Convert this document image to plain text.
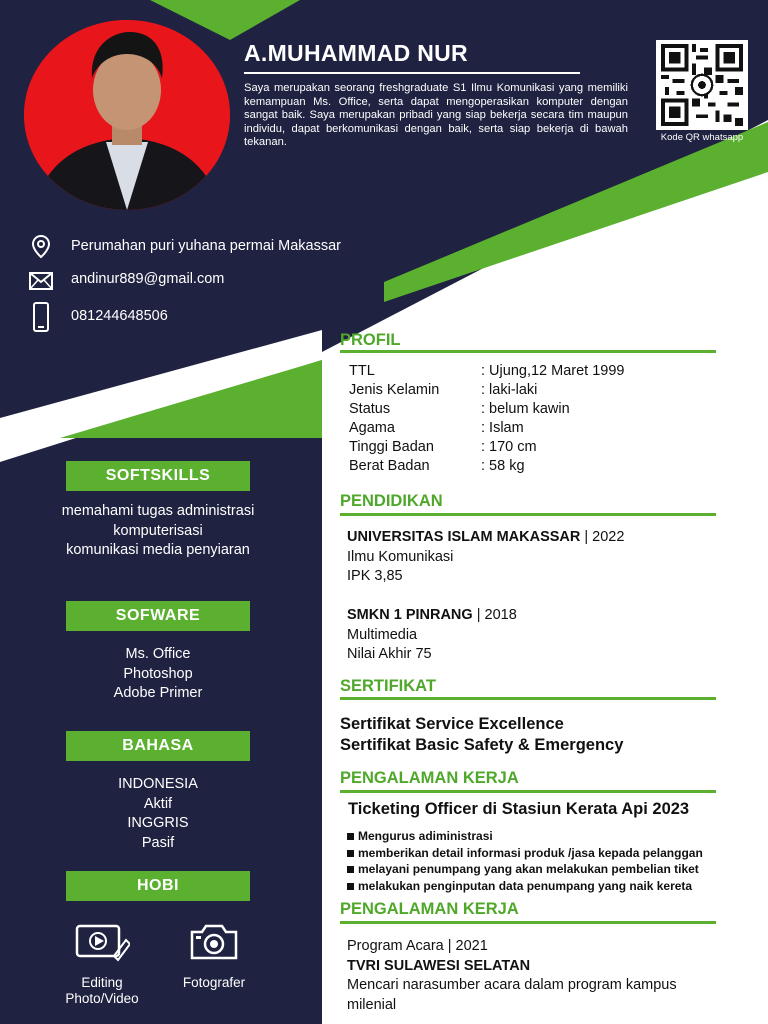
A.MUHAMMAD NUR
Saya merupakan seorang freshgraduate S1 Ilmu Komunikasi yang memiliki kemampuan Ms. Office, serta dapat mengoperasikan komputer dengan sangat baik. Saya merupakan pribadi yang siap bekerja secara tim maupun individu, dapat berkomunikasi dengan baik, serta siap bekerja di bawah tekanan.	Kode QR whatsapp
Perumahan puri yuhana permai Makassar
andinur889@gmail.com
081244648506
SOFTSKILLS
memahami tugas administrasi
komputerisasi
komunikasi media penyiaran
SOFWARE
Ms. Office
Photoshop
Adobe Primer
BAHASA
INDONESIA
Aktif
INGGRIS
Pasif
HOBI
Editing
Photo/Video
Fotografer
PROFIL
TTL	: Ujung,12 Maret 1999
Jenis Kelamin	: laki-laki
Status	: belum kawin
Agama	: Islam
Tinggi Badan	: 170 cm
Berat Badan	: 58 kg
PENDIDIKAN
UNIVERSITAS ISLAM MAKASSAR | 2022
Ilmu Komunikasi
IPK 3,85
SMKN 1 PINRANG | 2018
Multimedia
Nilai Akhir 75
SERTIFIKAT
Sertifikat Service Excellence
Sertifikat Basic Safety & Emergency
PENGALAMAN KERJA
Ticketing Officer di Stasiun Kerata Api 2023
Mengurus adiministrasi
memberikan detail informasi produk /jasa kepada pelanggan
melayani penumpang yang akan melakukan pembelian tiket
melakukan penginputan data penumpang yang naik kereta
PENGALAMAN KERJA
Program Acara | 2021
TVRI SULAWESI SELATAN
Mencari narasumber acara dalam program kampus
milenial
